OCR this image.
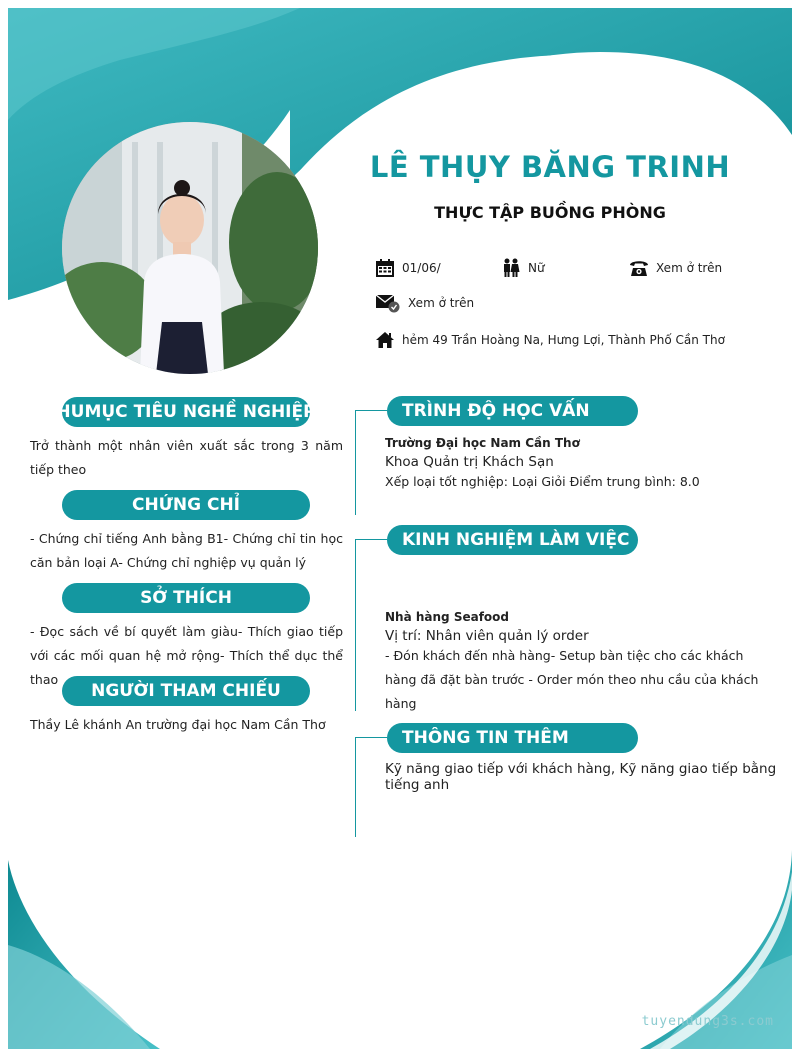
LÊ THỤY BĂNG TRINH
THỰC TẬP BUỒNG PHÒNG
01/06/	Nữ	Xem ở trên
Xem ở trên
hẻm 49 Trần Hoàng Na, Hưng Lợi, Thành Phố Cần Thơ
HUMỤC TIÊU NGHỀ NGHIỆP
Trở thành một nhân viên xuất sắc trong 3 năm tiếp theo
CHỨNG CHỈ
- Chứng chỉ tiếng Anh bằng B1- Chứng chỉ tin học căn bản loại A- Chứng chỉ nghiệp vụ quản lý
SỞ THÍCH
- Đọc sách về bí quyết làm giàu- Thích giao tiếp với các mối quan hệ mở rộng- Thích thể dục thể thao
NGƯỜI THAM CHIẾU
Thầy Lê khánh An trường đại học Nam Cần Thơ
TRÌNH ĐỘ HỌC VẤN
Trường Đại học Nam Cần Thơ
Khoa Quản trị Khách Sạn
Xếp loại tốt nghiệp: Loại Giỏi Điểm trung bình: 8.0
KINH NGHIỆM LÀM VIỆC
Nhà hàng Seafood
Vị trí: Nhân viên quản lý order
- Đón khách đến nhà hàng- Setup bàn tiệc cho các khách hàng đã đặt bàn trước - Order món theo nhu cầu của khách hàng
THÔNG TIN THÊM
Kỹ năng giao tiếp với khách hàng, Kỹ năng giao tiếp bằng tiếng anh
tuyendung3s.com
